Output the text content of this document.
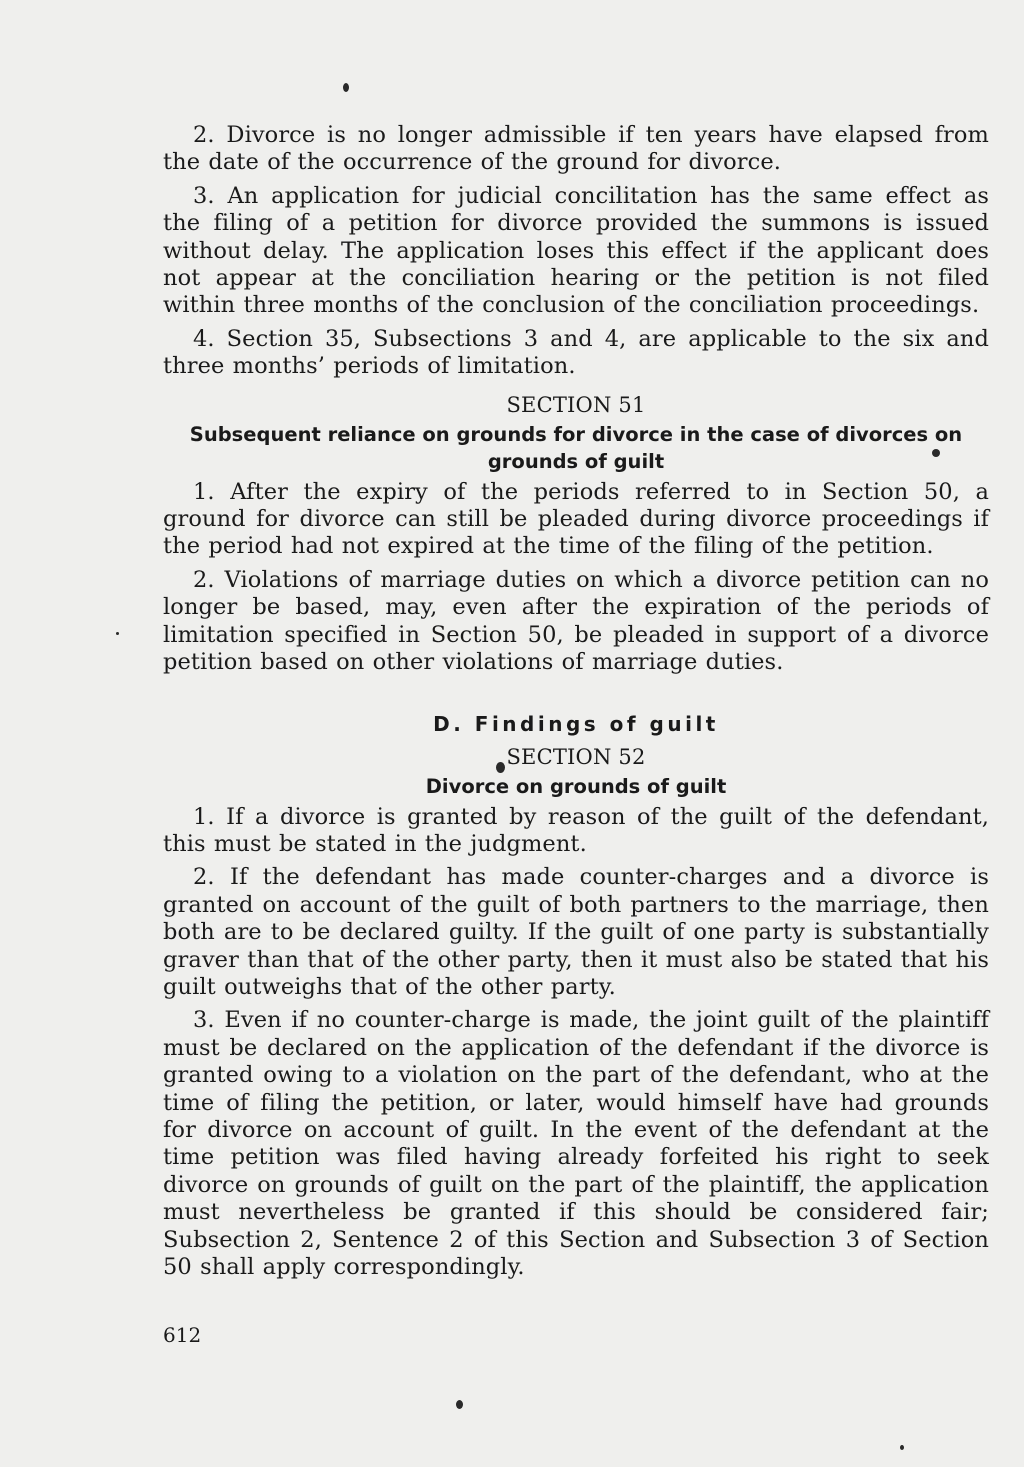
2. Divorce is no longer admissible if ten years have elapsed from the date of the occurrence of the ground for divorce.

3. An application for judicial concilitation has the same effect as the filing of a petition for divorce provided the summons is issued without delay. The application loses this effect if the applicant does not appear at the conciliation hearing or the petition is not filed within three months of the conclusion of the conciliation proceedings.

4. Section 35, Subsections 3 and 4, are applicable to the six and three months’ periods of limitation.

SECTION 51
Subsequent reliance on grounds for divorce in the case of divorces on grounds of guilt

1. After the expiry of the periods referred to in Section 50, a ground for divorce can still be pleaded during divorce proceedings if the period had not expired at the time of the filing of the petition.

2. Violations of marriage duties on which a divorce petition can no longer be based, may, even after the expiration of the periods of limitation specified in Section 50, be pleaded in support of a divorce petition based on other violations of marriage duties.

D. Findings of guilt
SECTION 52
Divorce on grounds of guilt

1. If a divorce is granted by reason of the guilt of the defendant, this must be stated in the judgment.

2. If the defendant has made counter-charges and a divorce is granted on account of the guilt of both partners to the marriage, then both are to be declared guilty. If the guilt of one party is substantially graver than that of the other party, then it must also be stated that his guilt outweighs that of the other party.

3. Even if no counter-charge is made, the joint guilt of the plaintiff must be declared on the application of the defendant if the divorce is granted owing to a violation on the part of the defendant, who at the time of filing the petition, or later, would himself have had grounds for divorce on account of guilt. In the event of the defendant at the time petition was filed having already forfeited his right to seek divorce on grounds of guilt on the part of the plaintiff, the application must nevertheless be granted if this should be considered fair; Subsection 2, Sentence 2 of this Section and Subsection 3 of Section 50 shall apply correspondingly.

612
